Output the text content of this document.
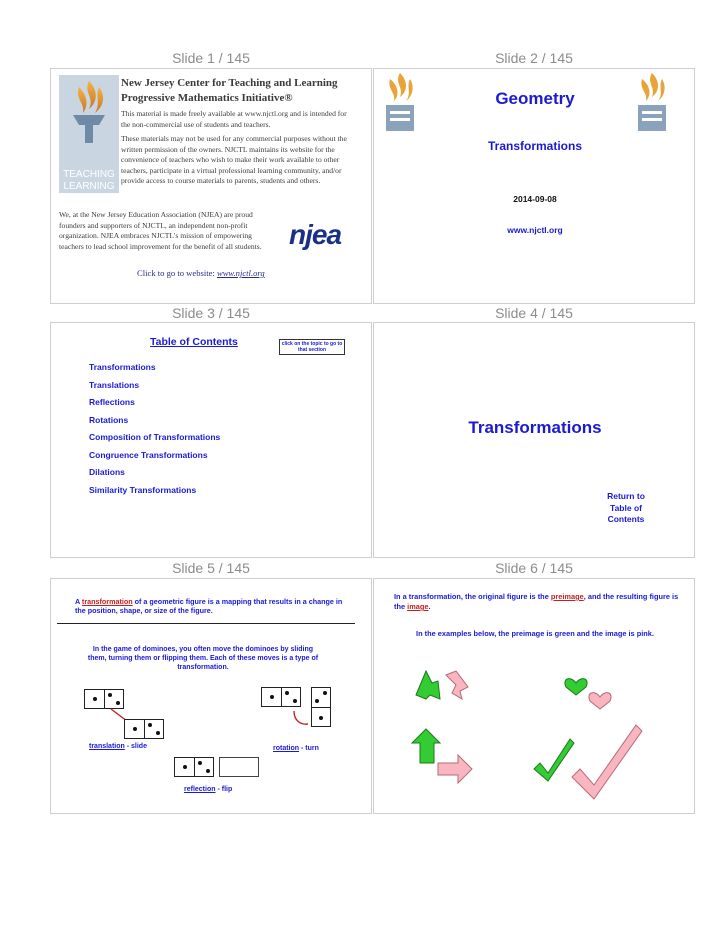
Slide 1 / 145	Slide 2 / 145
Slide 3 / 145	Slide 4 / 145
Slide 5 / 145	Slide 6 / 145
TEACHING
LEARNING
New Jersey Center for Teaching and Learning
Progressive Mathematics Initiative®
This material is made freely available at www.njctl.org and is intended for the non-commercial use of students and teachers.
These materials may not be used for any commercial purposes without the written permission of the owners. NJCTL maintains its website for the convenience of teachers who wish to make their work available to other teachers, participate in a virtual professional learning community, and/or provide access to course materials to parents, students and others.
We, at the New Jersey Education Association (NJEA) are proud founders and supporters of NJCTL, an independent non-profit organization. NJEA embraces NJCTL's mission of empowering teachers to lead school improvement for the benefit of all students. njea
Click to go to website: www.njctl.org
Geometry
Transformations
2014-09-08
www.njctl.org
Table of Contents	click on the topic to go to that section
Transformations
Translations
Reflections
Rotations
Composition of Transformations
Congruence Transformations
Dilations
Similarity Transformations
Transformations
Return to
Table of
Contents
A transformation of a geometric figure is a mapping that results in a change in the position, shape, or size of the figure.
In the game of dominoes, you often move the dominoes by sliding them, turning them or flipping them. Each of these moves is a type of transformation.
translation - slide	rotation - turn
reflection - flip
In a transformation, the original figure is the preimage, and the resulting figure is the image.
In the examples below, the preimage is green and the image is pink.
